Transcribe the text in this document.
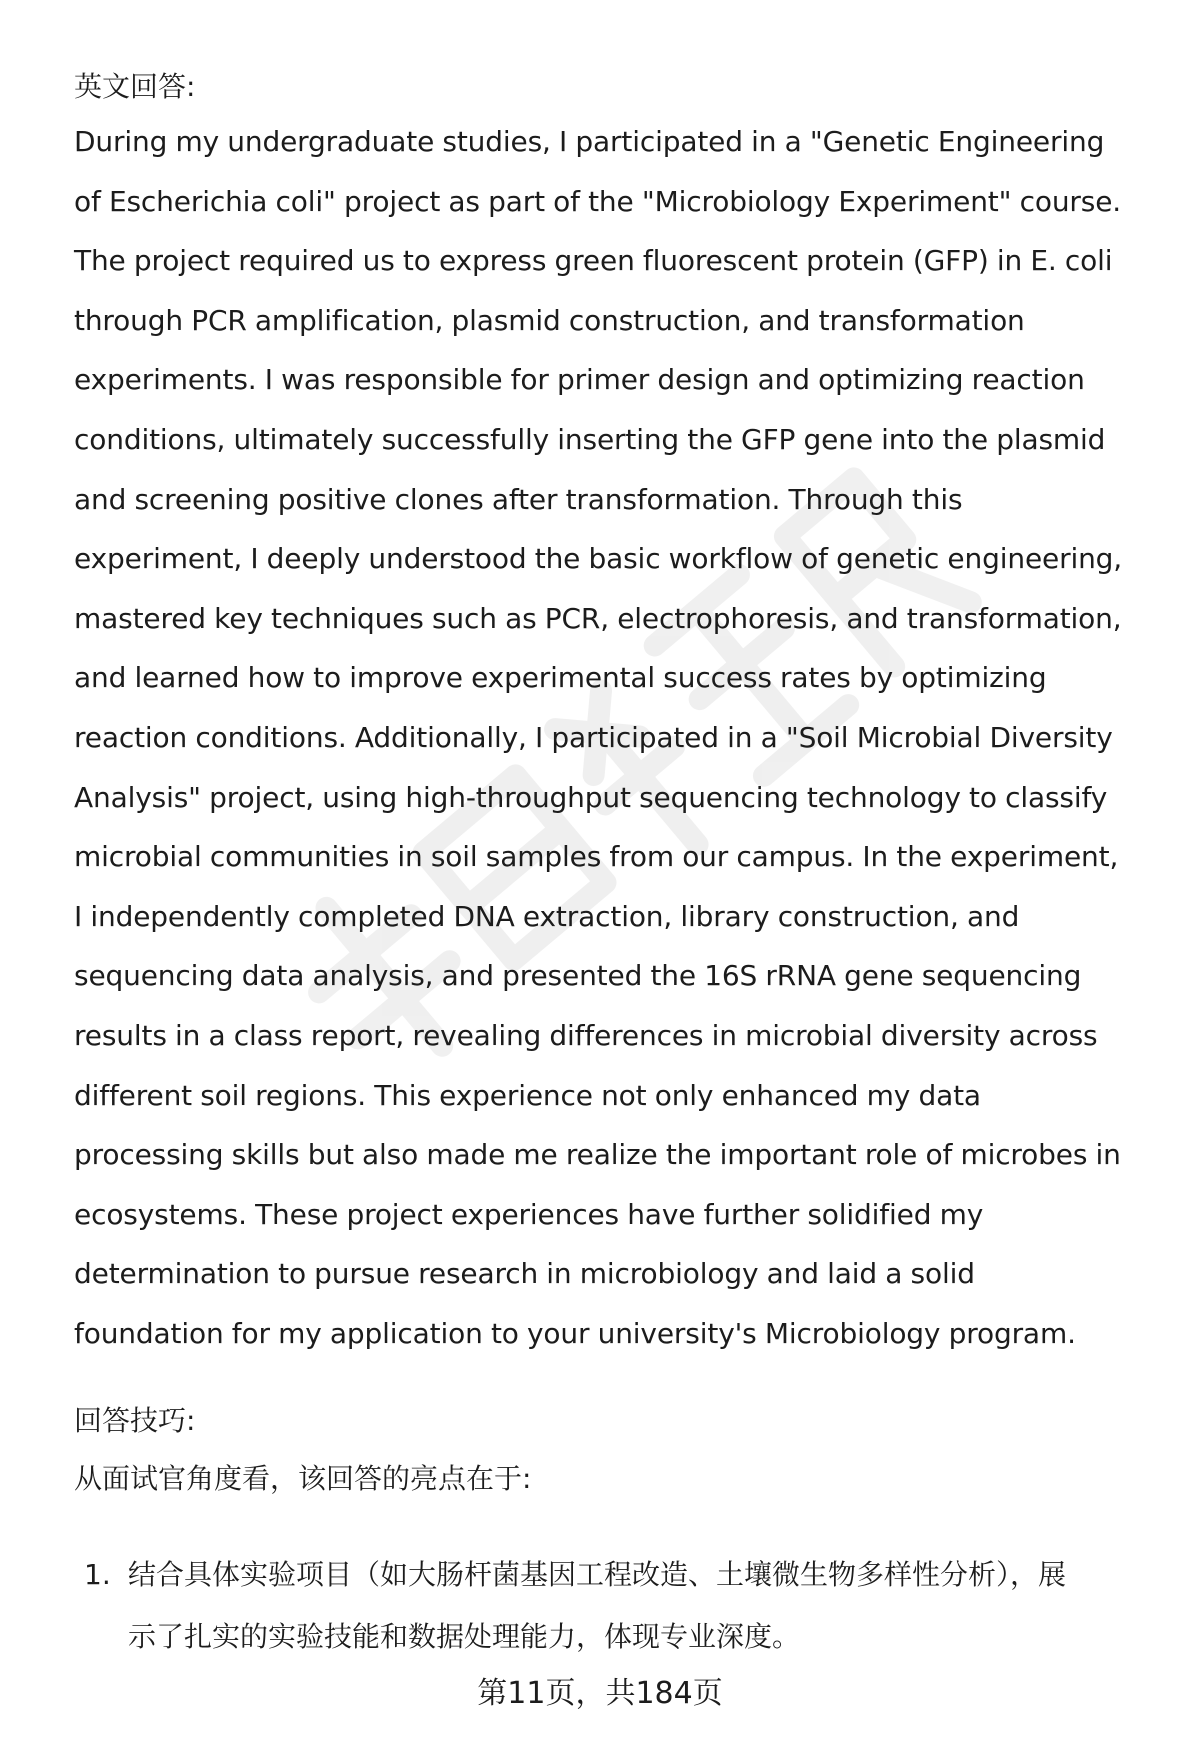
英文回答:

During my undergraduate studies, I participated in a "Genetic Engineering
of Escherichia coli" project as part of the "Microbiology Experiment" course.
The project required us to express green fluorescent protein (GFP) in E. coli
through PCR amplification, plasmid construction, and transformation
experiments. I was responsible for primer design and optimizing reaction
conditions, ultimately successfully inserting the GFP gene into the plasmid
and screening positive clones after transformation. Through this
experiment, I deeply understood the basic workflow of genetic engineering,
mastered key techniques such as PCR, electrophoresis, and transformation,
and learned how to improve experimental success rates by optimizing
reaction conditions. Additionally, I participated in a "Soil Microbial Diversity
Analysis" project, using high-throughput sequencing technology to classify
microbial communities in soil samples from our campus. In the experiment,
I independently completed DNA extraction, library construction, and
sequencing data analysis, and presented the 16S rRNA gene sequencing
results in a class report, revealing differences in microbial diversity across
different soil regions. This experience not only enhanced my data
processing skills but also made me realize the important role of microbes in
ecosystems. These project experiences have further solidified my
determination to pursue research in microbiology and laid a solid
foundation for my application to your university's Microbiology program.

回答技巧:

从面试官角度看，该回答的亮点在于:

1. 结合具体实验项目（如大肠杆菌基因工程改造、土壤微生物多样性分析），展
示了扎实的实验技能和数据处理能力，体现专业深度。
第11页，共184页
